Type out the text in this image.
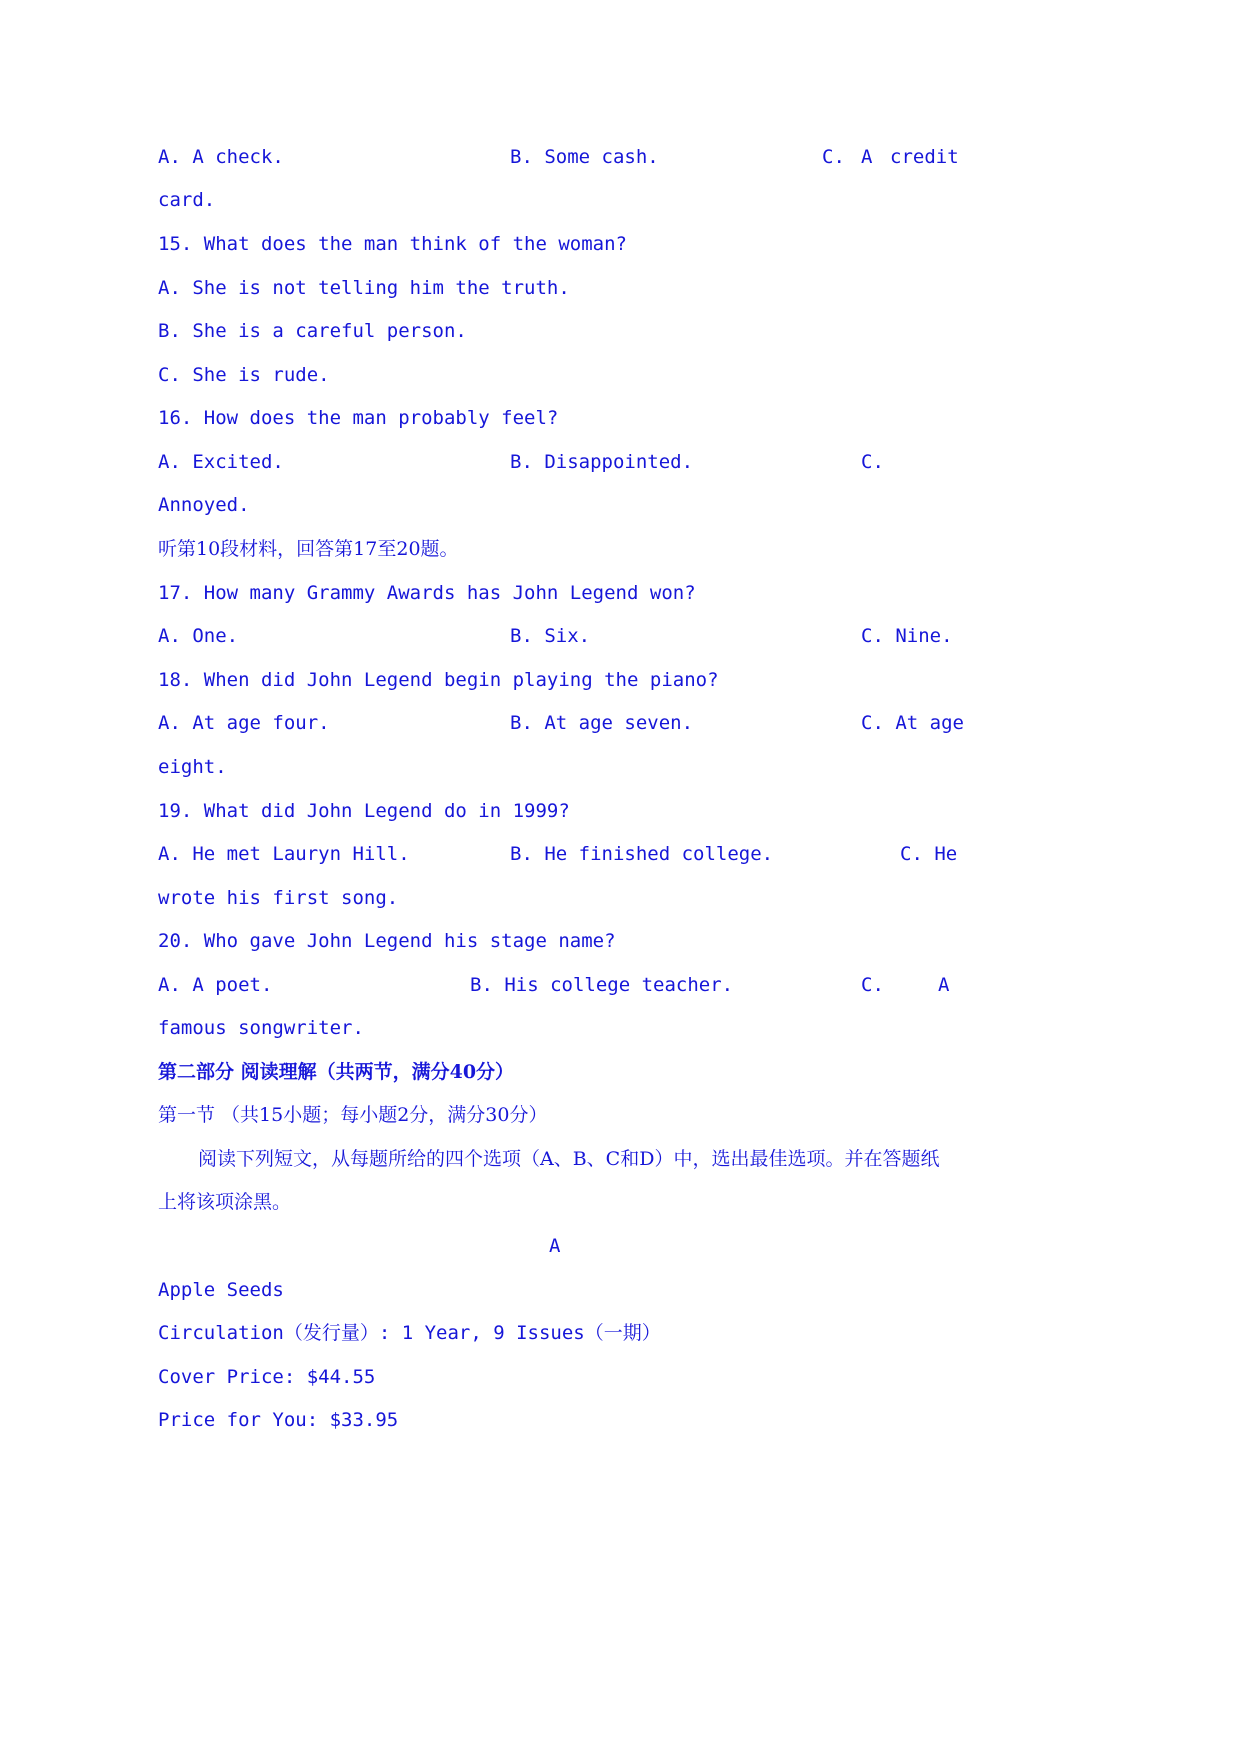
A. A check.	B. Some cash.	C. A credit
card.
15. What does the man think of the woman?
A. She is not telling him the truth.
B. She is a careful person.
C. She is rude.
16. How does the man probably feel?
A. Excited.	B. Disappointed.	C.
Annoyed.
听第10段材料，回答第17至20题。
17. How many Grammy Awards has John Legend won?
A. One.	B. Six.	C. Nine.
18. When did John Legend begin playing the piano?
A. At age four.	B. At age seven.	C. At age
eight.
19. What did John Legend do in 1999?
A. He met Lauryn Hill.	B. He finished college.	C. He
wrote his first song.
20. Who gave John Legend his stage name?
A. A poet.	B. His college teacher.	C.	A
famous songwriter.
第二部分 阅读理解（共两节，满分40分）
第一节 （共15小题；每小题2分，满分30分）
阅读下列短文，从每题所给的四个选项（A、B、C和D）中，选出最佳选项。并在答题纸
上将该项涂黑。
A
Apple Seeds
Circulation（发行量）: 1 Year, 9 Issues（一期）
Cover Price: $44.55
Price for You: $33.95
